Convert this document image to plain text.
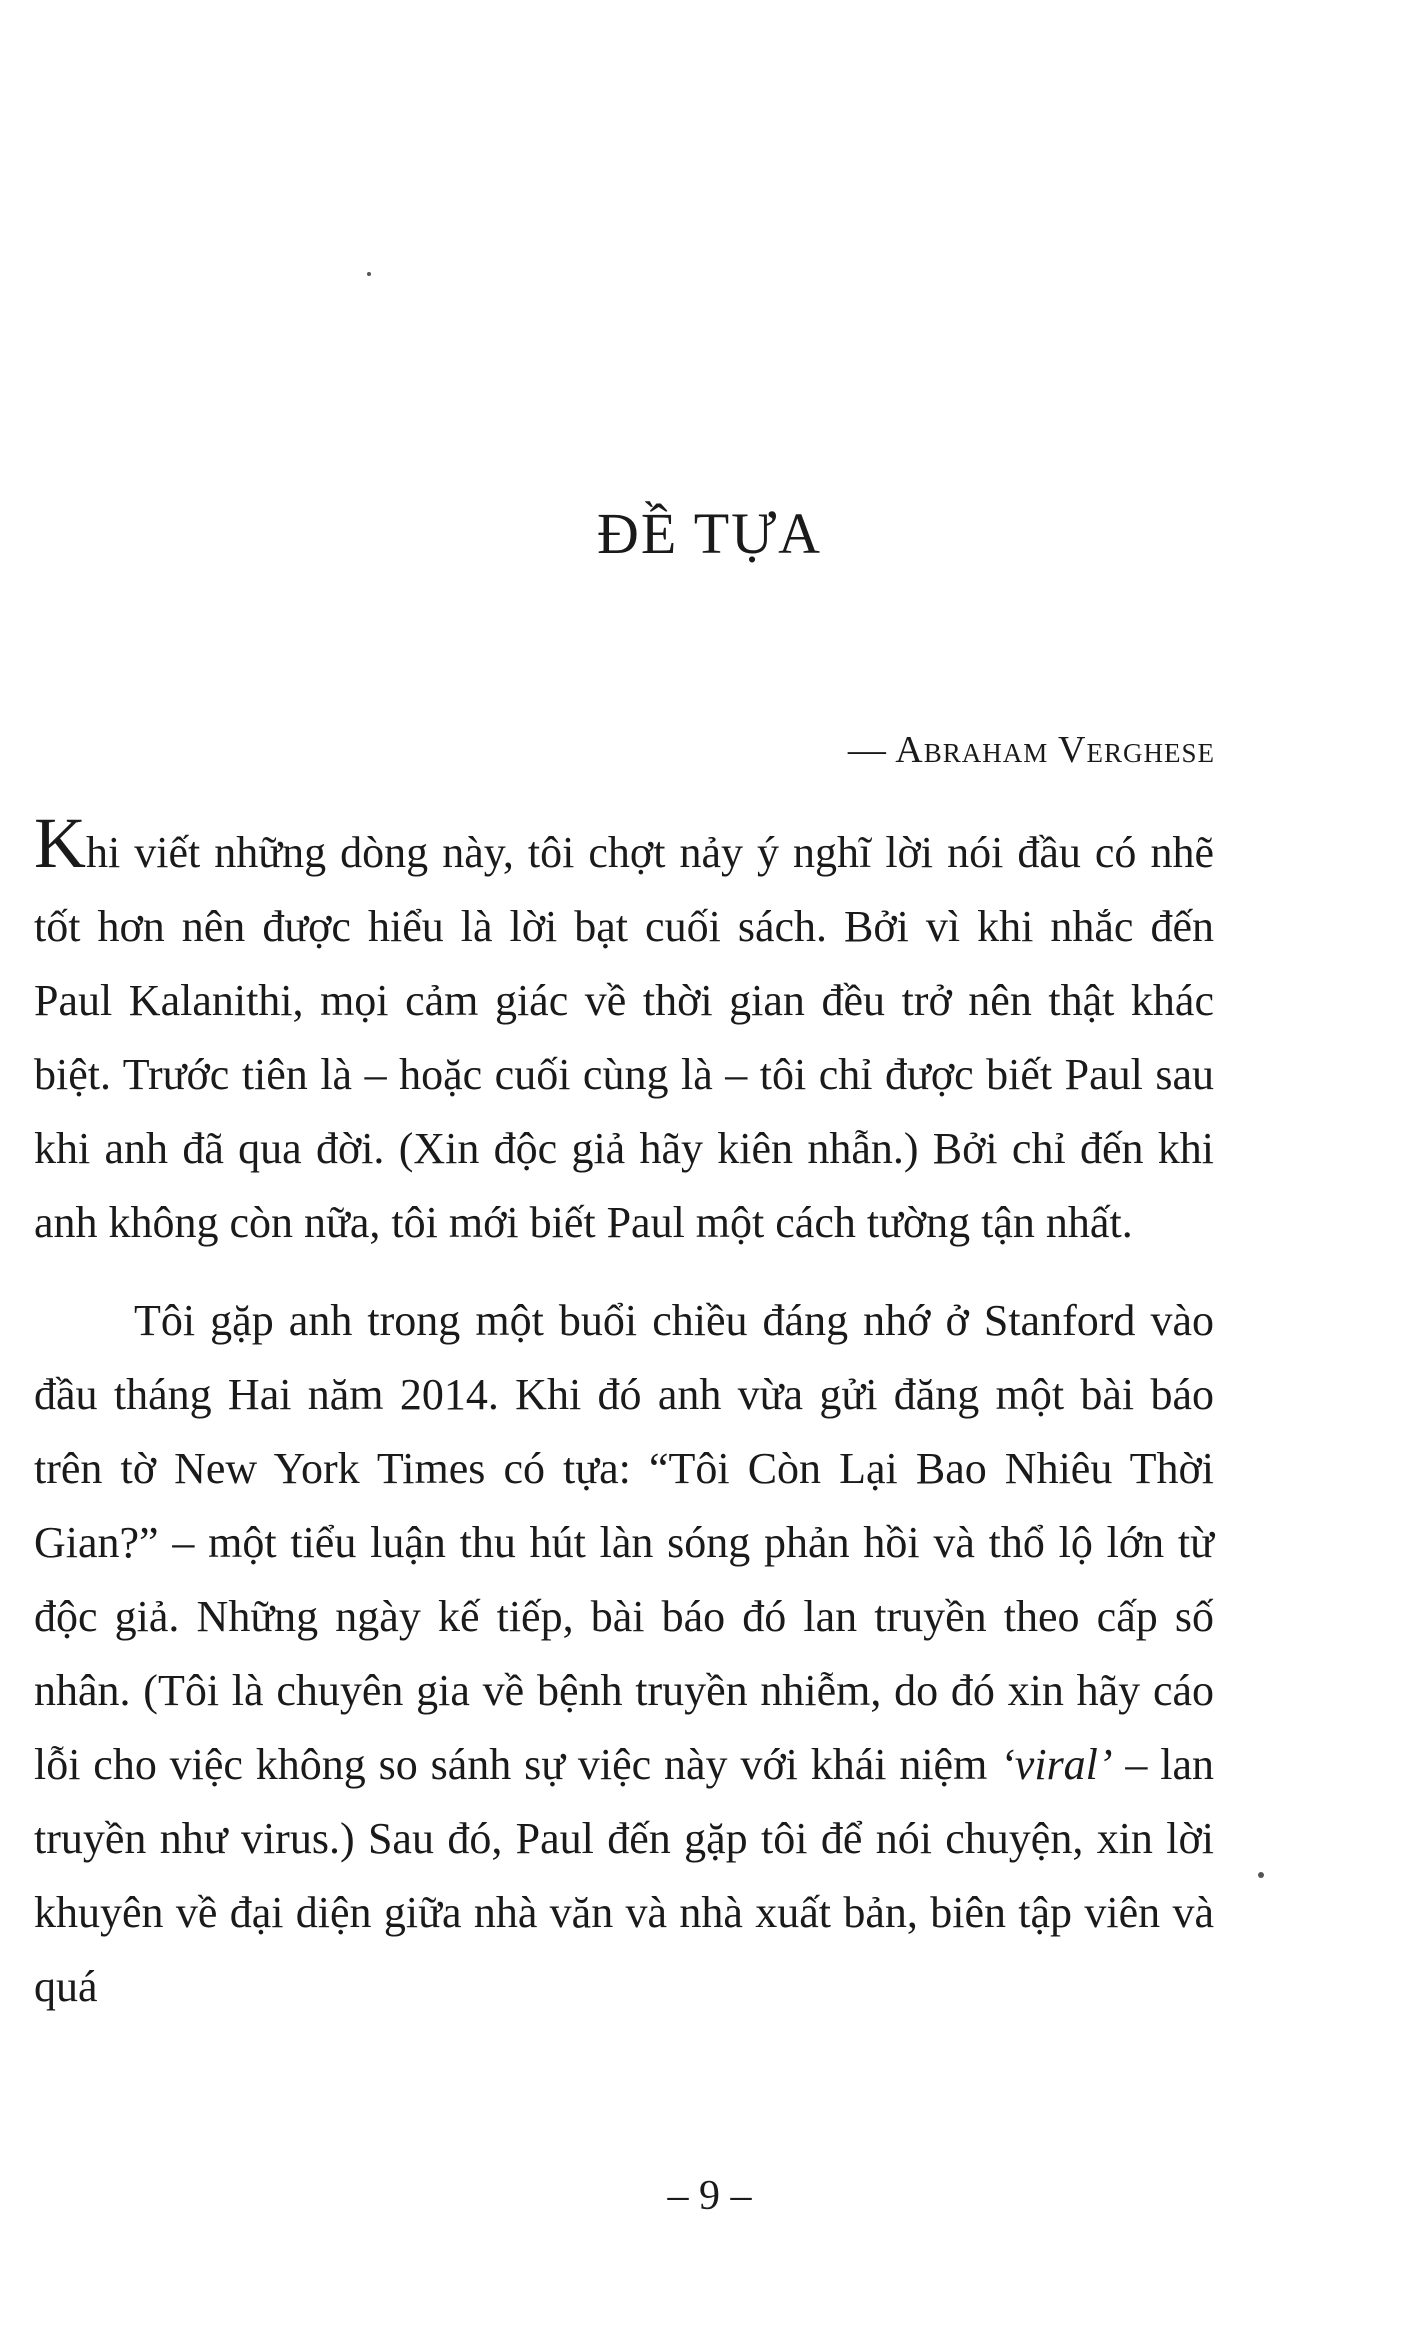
ĐỀ TỰA
— Abraham Verghese

Khi viết những dòng này, tôi chợt nảy ý nghĩ lời nói đầu có nhẽ tốt hơn nên được hiểu là lời bạt cuối sách. Bởi vì khi nhắc đến Paul Kalanithi, mọi cảm giác về thời gian đều trở nên thật khác biệt. Trước tiên là – hoặc cuối cùng là – tôi chỉ được biết Paul sau khi anh đã qua đời. (Xin độc giả hãy kiên nhẫn.) Bởi chỉ đến khi anh không còn nữa, tôi mới biết Paul một cách tường tận nhất.

Tôi gặp anh trong một buổi chiều đáng nhớ ở Stanford vào đầu tháng Hai năm 2014. Khi đó anh vừa gửi đăng một bài báo trên tờ New York Times có tựa: “Tôi Còn Lại Bao Nhiêu Thời Gian?” – một tiểu luận thu hút làn sóng phản hồi và thổ lộ lớn từ độc giả. Những ngày kế tiếp, bài báo đó lan truyền theo cấp số nhân. (Tôi là chuyên gia về bệnh truyền nhiễm, do đó xin hãy cáo lỗi cho việc không so sánh sự việc này với khái niệm ‘viral’ – lan truyền như virus.) Sau đó, Paul đến gặp tôi để nói chuyện, xin lời khuyên về đại diện giữa nhà văn và nhà xuất bản, biên tập viên và quá

– 9 –
